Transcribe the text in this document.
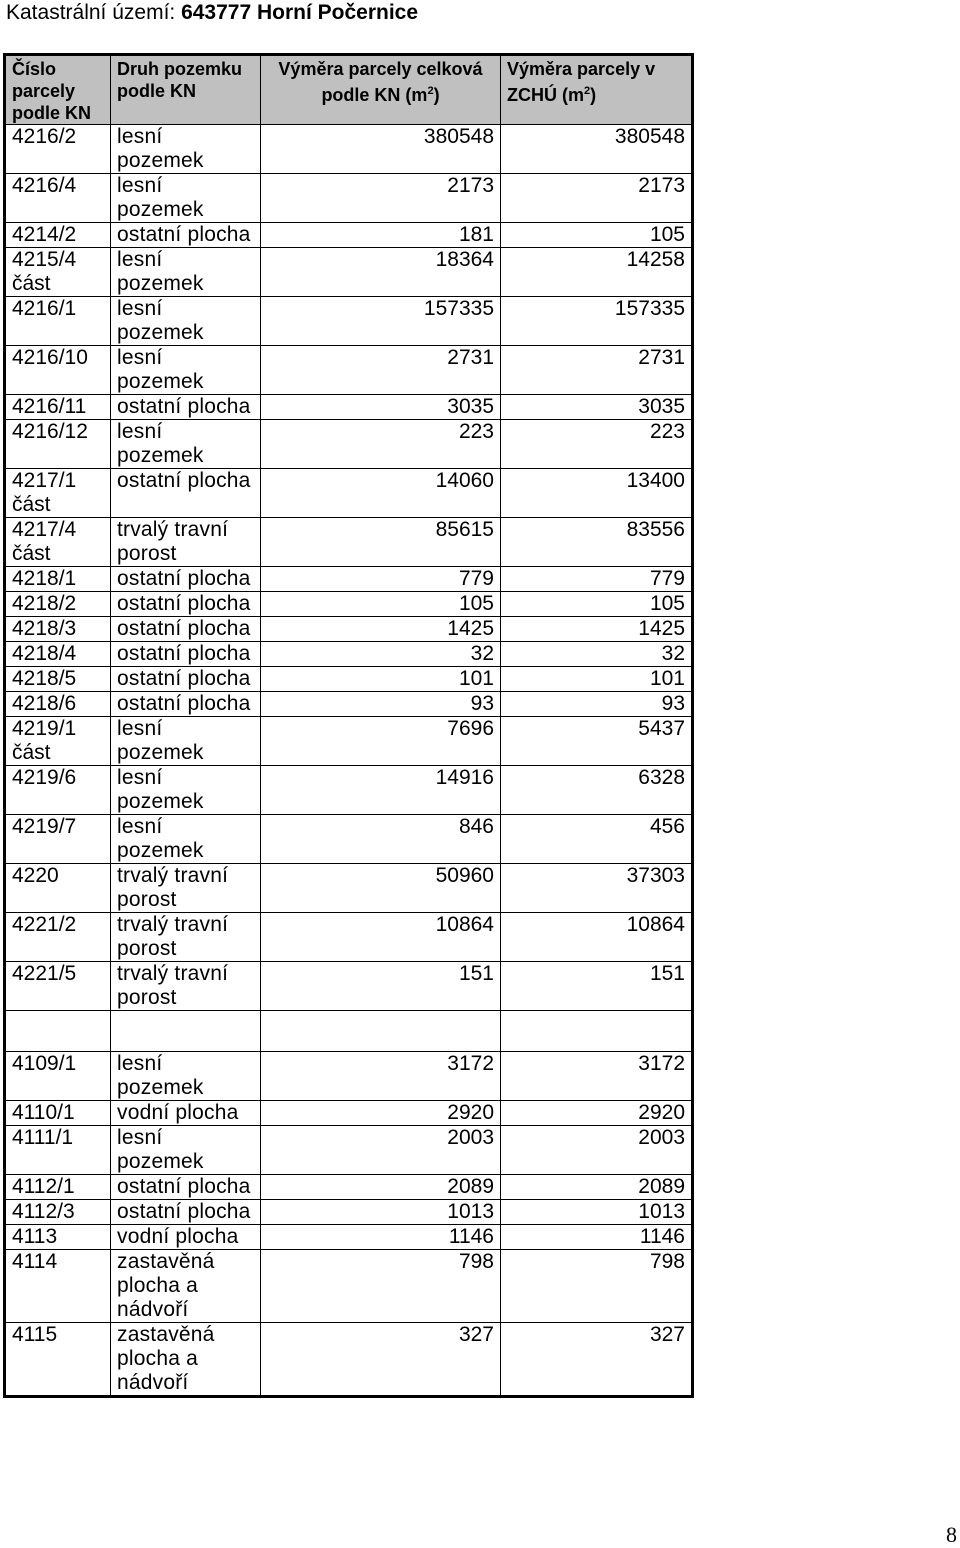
Katastrální území: 643777 Horní Počernice
Číslo parcely podle KN	Druh pozemku podle KN	Výměra parcely celková podle KN $(m^2)$	Výměra parcely v ZCHÚ $(m^2)$
4216/2	lesní pozemek	380548	380548
4216/4	lesní pozemek	2173	2173
4214/2	ostatní plocha	181	105
4215/4 část	lesní pozemek	18364	14258
4216/1	lesní pozemek	157335	157335
4216/10	lesní pozemek	2731	2731
4216/11	ostatní plocha	3035	3035
4216/12	lesní pozemek	223	223
4217/1 část	ostatní plocha	14060	13400
4217/4 část	trvalý travní porost	85615	83556
4218/1	ostatní plocha	779	779
4218/2	ostatní plocha	105	105
4218/3	ostatní plocha	1425	1425
4218/4	ostatní plocha	32	32
4218/5	ostatní plocha	101	101
4218/6	ostatní plocha	93	93
4219/1 část	lesní pozemek	7696	5437
4219/6	lesní pozemek	14916	6328
4219/7	lesní pozemek	846	456
4220	trvalý travní porost	50960	37303
4221/2	trvalý travní porost	10864	10864
4221/5	trvalý travní porost	151	151

4109/1	lesní pozemek	3172	3172
4110/1	vodní plocha	2920	2920
4111/1	lesní pozemek	2003	2003
4112/1	ostatní plocha	2089	2089
4112/3	ostatní plocha	1013	1013
4113	vodní plocha	1146	1146
4114	zastavěná plocha a nádvoří	798	798
4115	zastavěná plocha a nádvoří	327	327
8
